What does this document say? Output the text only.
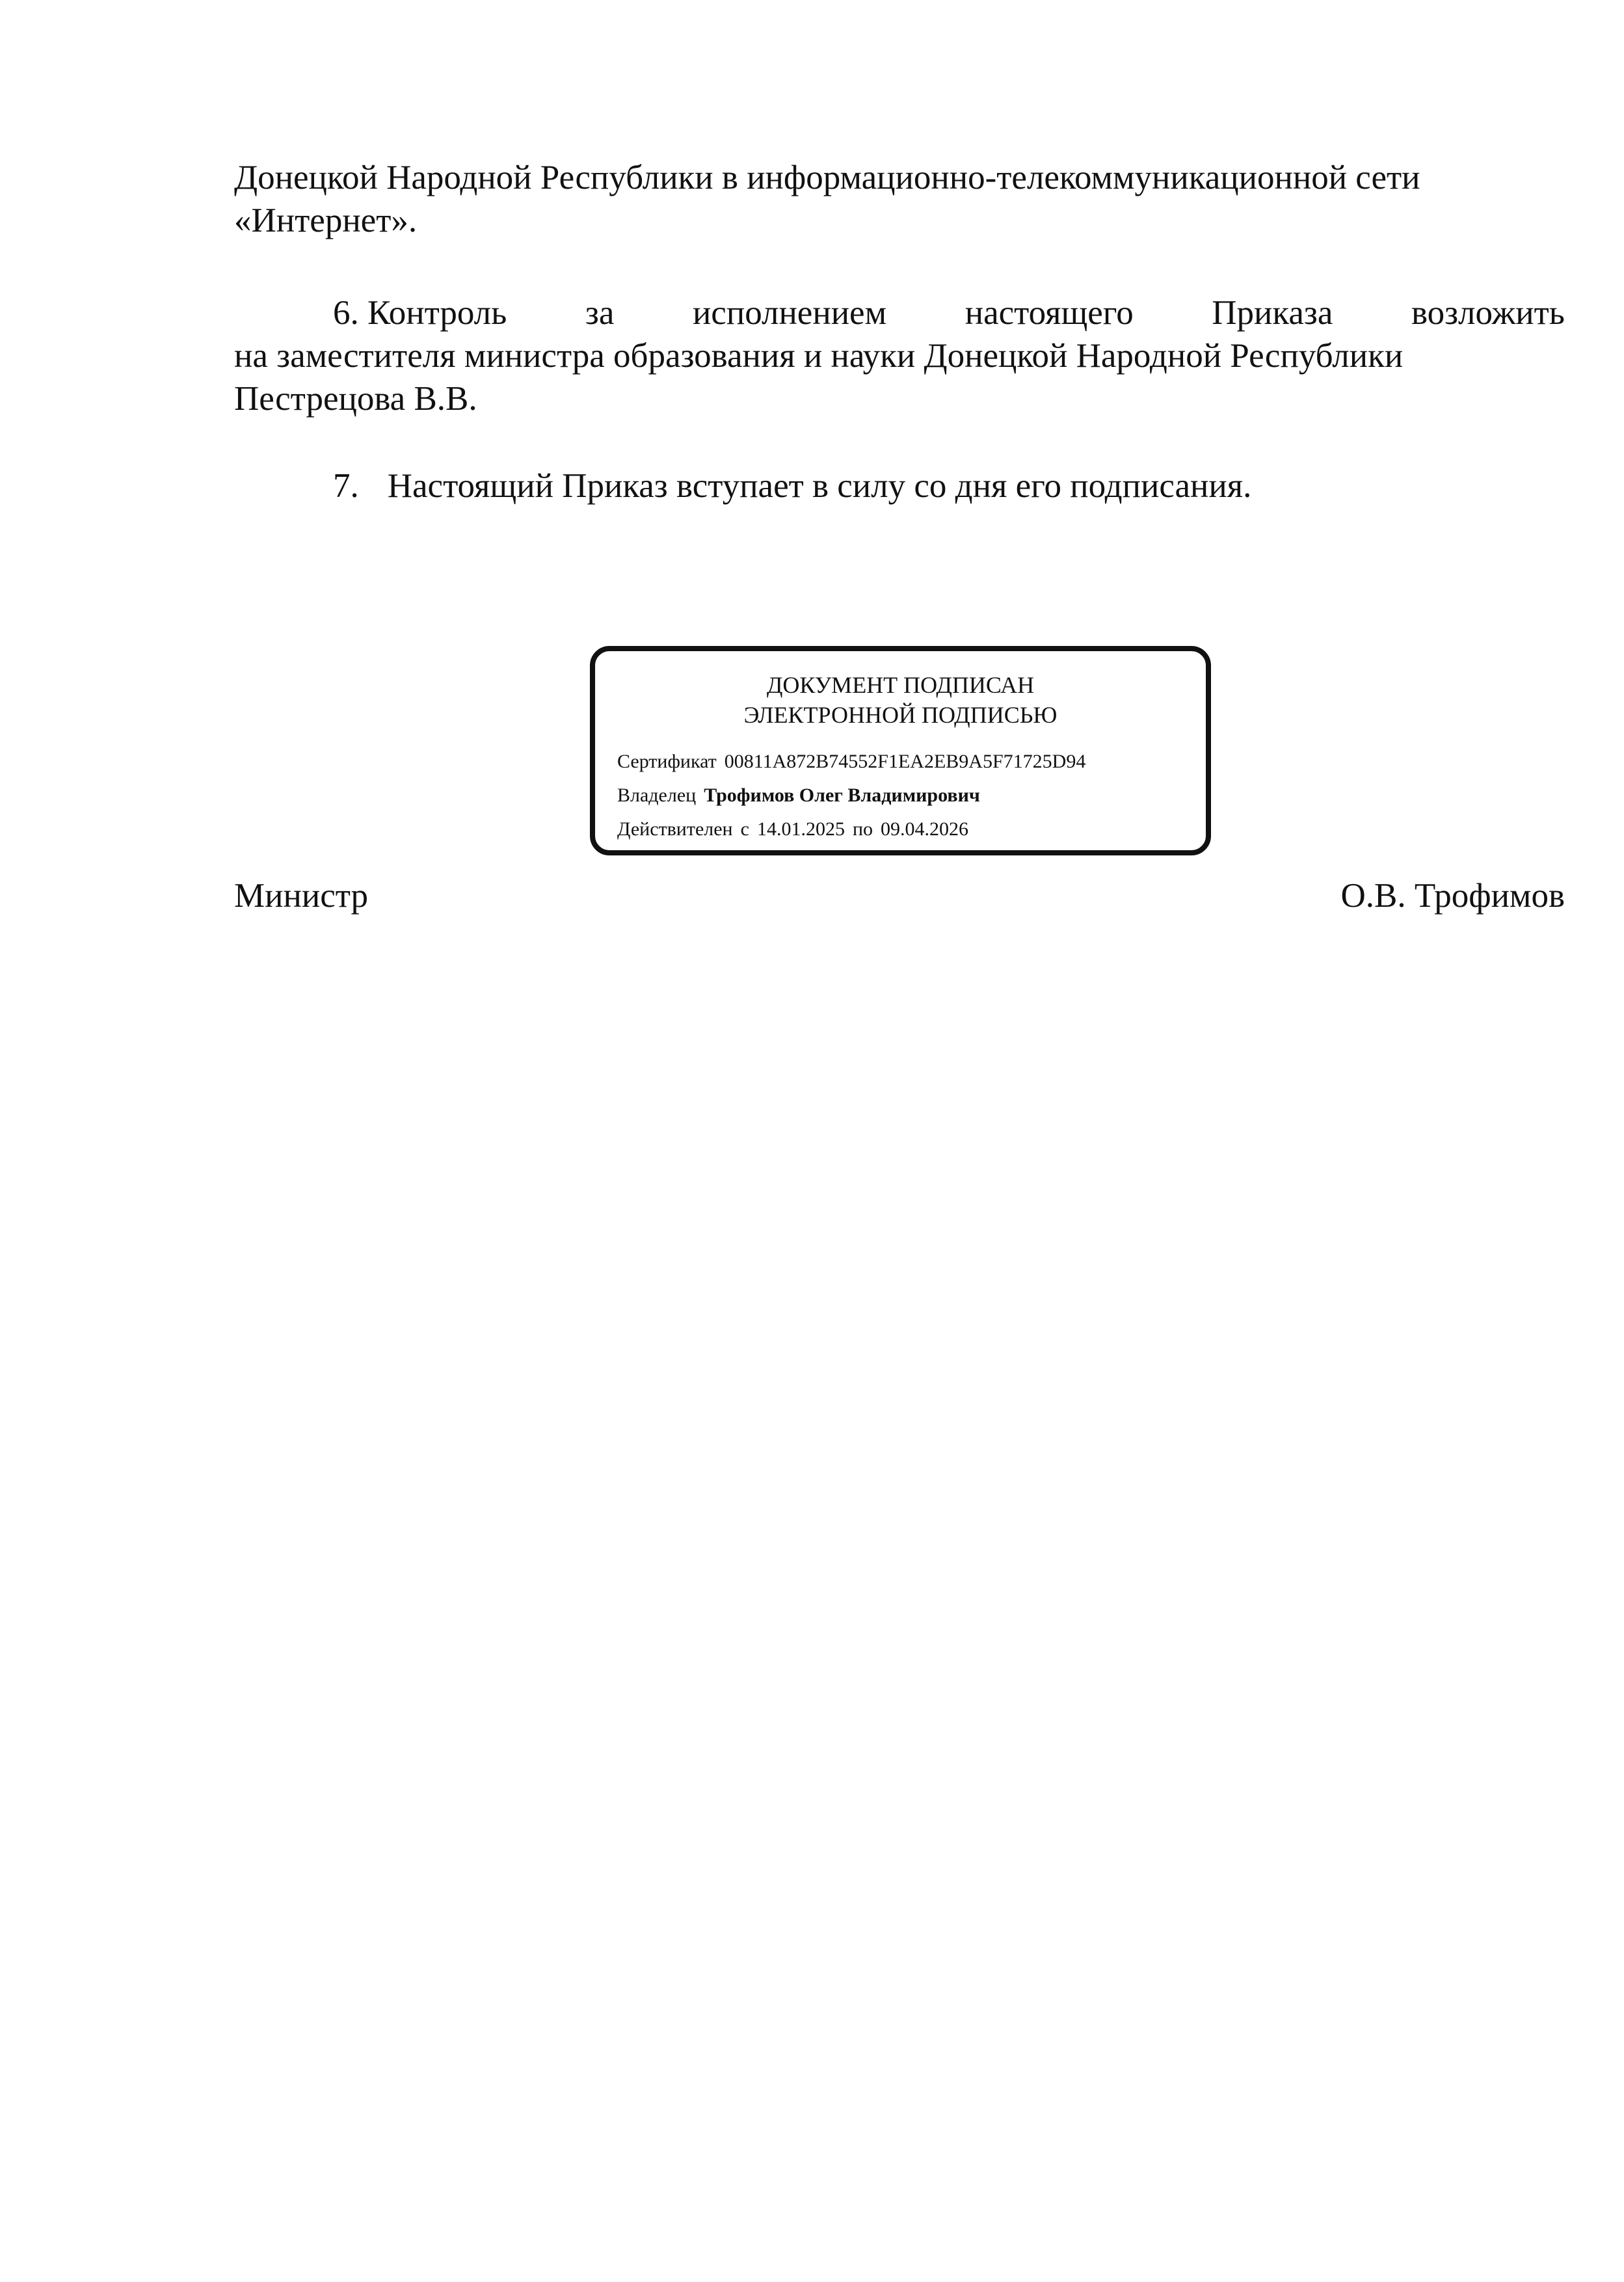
Донецкой Народной Республики в информационно-телекоммуникационной сети
«Интернет».
6. Контроль за исполнением настоящего Приказа возложить
на заместителя министра образования и науки Донецкой Народной Республики
Пестрецова В.В.
7. Настоящий Приказ вступает в силу со дня его подписания.
ДОКУМЕНТ ПОДПИСАН
ЭЛЕКТРОННОЙ ПОДПИСЬЮ
Сертификат 00811A872B74552F1EA2EB9A5F71725D94
Владелец Трофимов Олег Владимирович
Действителен с 14.01.2025 по 09.04.2026
Министр	О.В. Трофимов
